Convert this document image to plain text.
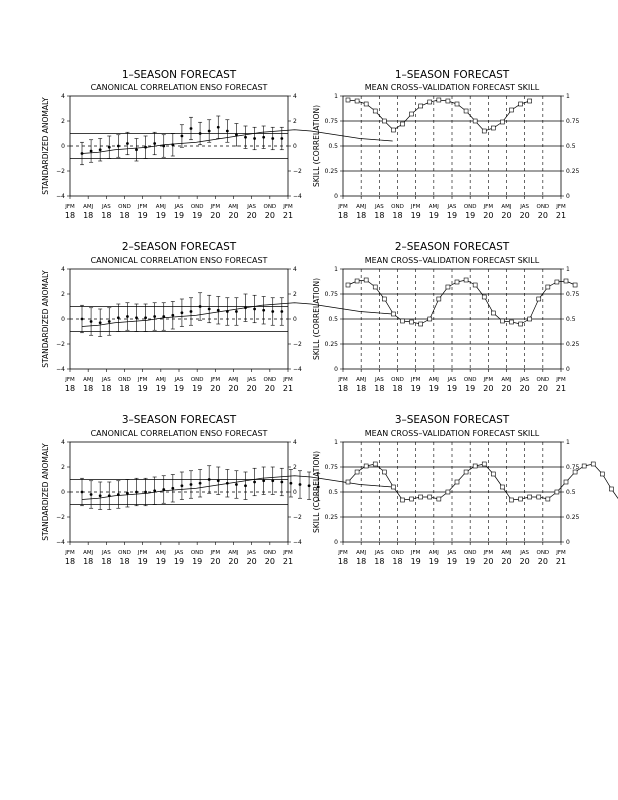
1–SEASON FORECAST
CANONICAL CORRELATION ENSO FORECAST
4	4
2	2
0	0
−2	−2
−4	−4
STANDARDIZED ANOMALY
JFM
18
AMJ
18
JAS
18
OND
18
JFM
19
AMJ
19
JAS
19
OND
19
JFM
20
AMJ
20
JAS
20
OND
20
JFM
21
1–SEASON FORECAST
MEAN CROSS–VALIDATION FORECAST SKILL
1	1
0.75	0.75
0.5	0.5
0.25	0.25
0	0
SKILL (CORRELATION)
JFM
18
AMJ
18
JAS
18
OND
18
JFM
19
AMJ
19
JAS
19
OND
19
JFM
20
AMJ
20
JAS
20
OND
20
JFM
21
2–SEASON FORECAST
CANONICAL CORRELATION ENSO FORECAST
4	4
2	2
0	0
−2	−2
−4	−4
STANDARDIZED ANOMALY
JFM
18
AMJ
18
JAS
18
OND
18
JFM
19
AMJ
19
JAS
19
OND
19
JFM
20
AMJ
20
JAS
20
OND
20
JFM
21
2–SEASON FORECAST
MEAN CROSS–VALIDATION FORECAST SKILL
1	1
0.75	0.75
0.5	0.5
0.25	0.25
0	0
SKILL (CORRELATION)
JFM
18
AMJ
18
JAS
18
OND
18
JFM
19
AMJ
19
JAS
19
OND
19
JFM
20
AMJ
20
JAS
20
OND
20
JFM
21
3–SEASON FORECAST
CANONICAL CORRELATION ENSO FORECAST
4	4
2	2
0	0
−2	−2
−4	−4
STANDARDIZED ANOMALY
JFM
18
AMJ
18
JAS
18
OND
18
JFM
19
AMJ
19
JAS
19
OND
19
JFM
20
AMJ
20
JAS
20
OND
20
JFM
21
3–SEASON FORECAST
MEAN CROSS–VALIDATION FORECAST SKILL
1	1
0.75	0.75
0.5	0.5
0.25	0.25
0	0
SKILL (CORRELATION)
JFM
18
AMJ
18
JAS
18
OND
18
JFM
19
AMJ
19
JAS
19
OND
19
JFM
20
AMJ
20
JAS
20
OND
20
JFM
21
